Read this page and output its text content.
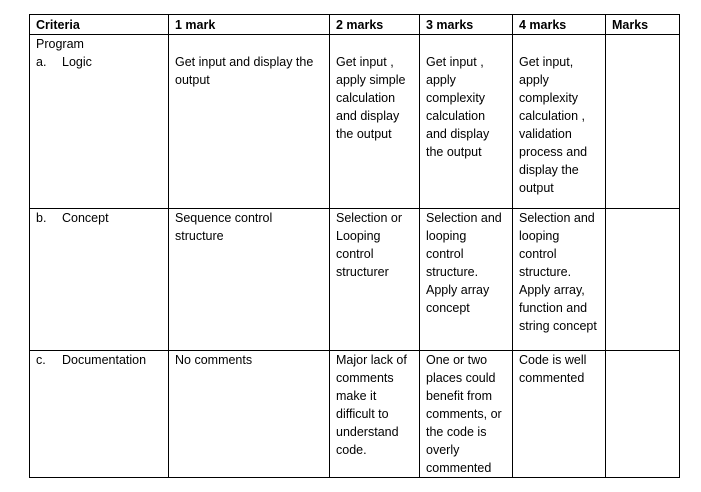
Criteria	1 mark	2 marks	3 marks	4 marks	Marks
Program					

a. Logic	Get input and display the output	Get input , apply simple calculation and display the output	Get input , apply complexity calculation and display the output	Get input, apply complexity calculation , validation process and display the output	

b. Concept	Sequence control structure	Selection or Looping control structurer	Selection and looping control structure. Apply array concept	Selection and looping control structure. Apply array, function and string concept	

c. Documentation	No comments	Major lack of comments make it difficult to understand code.	One or two places could benefit from comments, or the code is overly commented	Code is well commented	
